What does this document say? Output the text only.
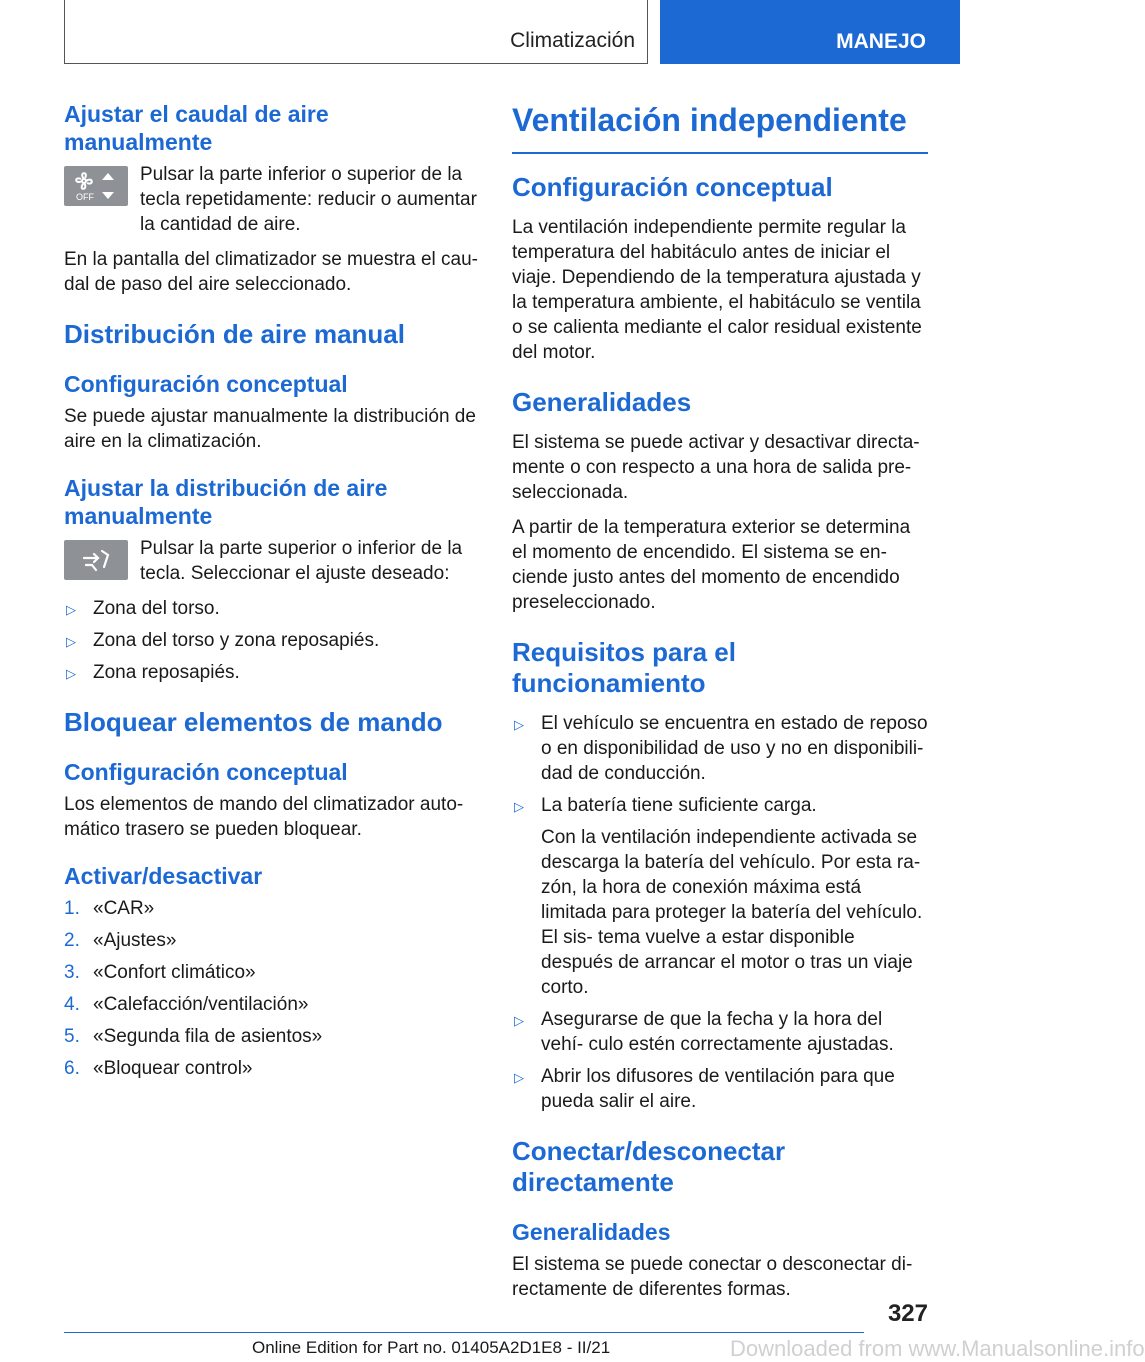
Climatización	MANEJO
Ajustar el caudal de aire manualmente
OFF
Pulsar la parte inferior o superior de la tecla repetidamente: reducir o aumentar la cantidad de aire.
En la pantalla del climatizador se muestra el cau- dal de paso del aire seleccionado.
Distribución de aire manual
Configuración conceptual
Se puede ajustar manualmente la distribución de aire en la climatización.
Ajustar la distribución de aire manualmente
Pulsar la parte superior o inferior de la tecla. Seleccionar el ajuste deseado:
▷ Zona del torso.
▷ Zona del torso y zona reposapiés.
▷ Zona reposapiés.
Bloquear elementos de mando
Configuración conceptual
Los elementos de mando del climatizador auto- mático trasero se pueden bloquear.
Activar/desactivar
1. «CAR»
2. «Ajustes»
3. «Confort climático»
4. «Calefacción/ventilación»
5. «Segunda fila de asientos»
6. «Bloquear control»
Ventilación independiente
Configuración conceptual
La ventilación independiente permite regular la temperatura del habitáculo antes de iniciar el viaje. Dependiendo de la temperatura ajustada y la temperatura ambiente, el habitáculo se ventila o se calienta mediante el calor residual existente del motor.
Generalidades
El sistema se puede activar y desactivar directa- mente o con respecto a una hora de salida pre- seleccionada.
A partir de la temperatura exterior se determina el momento de encendido. El sistema se en- ciende justo antes del momento de encendido preseleccionado.
Requisitos para el funcionamiento
▷ El vehículo se encuentra en estado de reposo o en disponibilidad de uso y no en disponibili- dad de conducción.
▷ La batería tiene suficiente carga.
Con la ventilación independiente activada se descarga la batería del vehículo. Por esta ra- zón, la hora de conexión máxima está limitada para proteger la batería del vehículo. El sis- tema vuelve a estar disponible después de arrancar el motor o tras un viaje corto.
▷ Asegurarse de que la fecha y la hora del vehí- culo estén correctamente ajustadas.
▷ Abrir los difusores de ventilación para que pueda salir el aire.
Conectar/desconectar directamente
Generalidades
El sistema se puede conectar o desconectar di- rectamente de diferentes formas.
327
Downloaded from www.Manualsonline.info
Online Edition for Part no. 01405A2D1E8 - II/21
